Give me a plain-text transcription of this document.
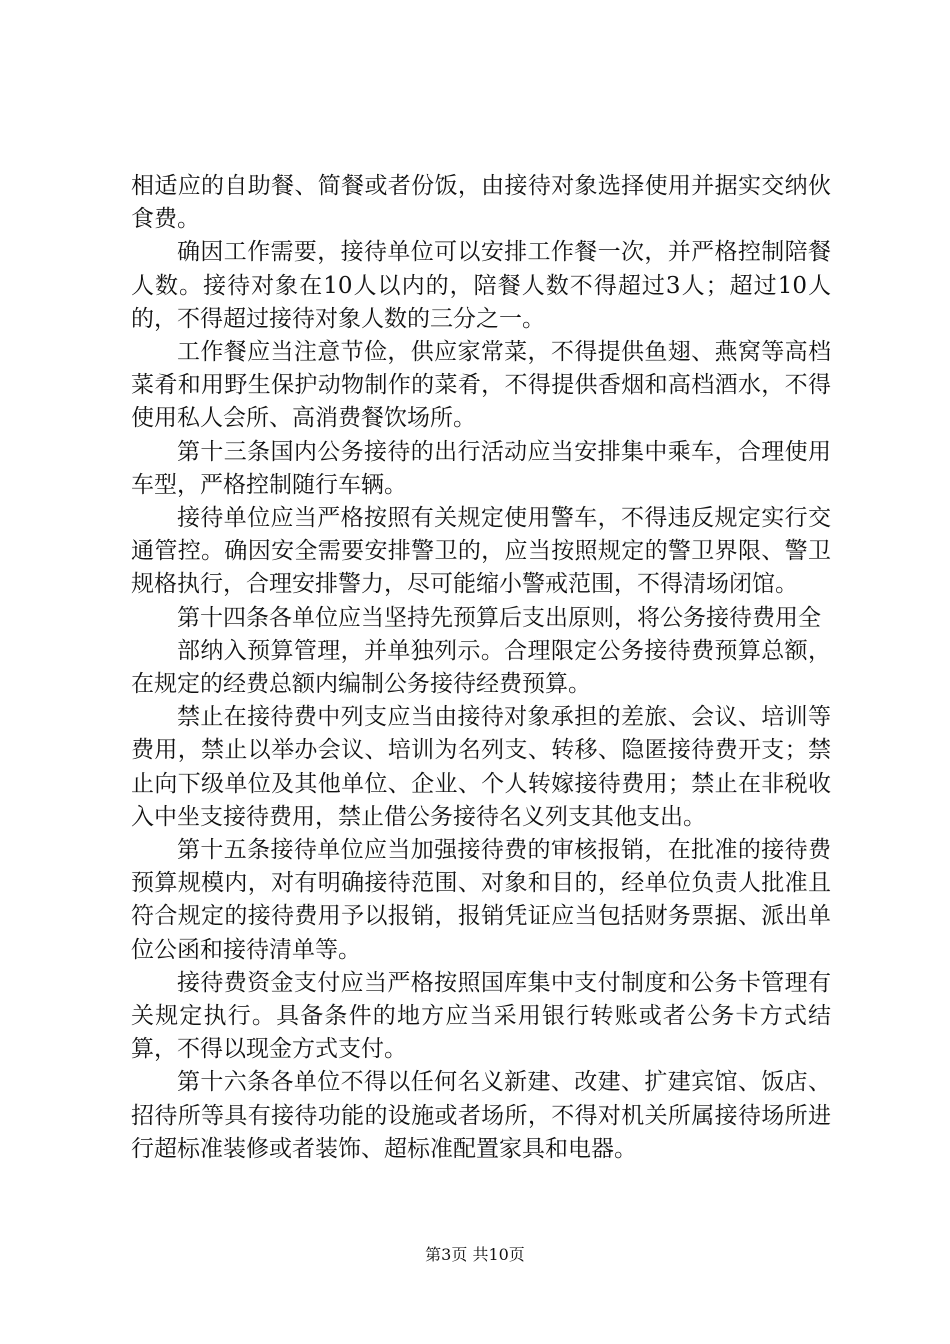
相适应的自助餐、简餐或者份饭，由接待对象选择使用并据实交纳伙食费。

确因工作需要，接待单位可以安排工作餐一次，并严格控制陪餐人数。接待对象在10人以内的，陪餐人数不得超过3人；超过10人的，不得超过接待对象人数的三分之一。

工作餐应当注意节俭，供应家常菜，不得提供鱼翅、燕窝等高档菜肴和用野生保护动物制作的菜肴，不得提供香烟和高档酒水，不得使用私人会所、高消费餐饮场所。

第十三条国内公务接待的出行活动应当安排集中乘车，合理使用车型，严格控制随行车辆。

接待单位应当严格按照有关规定使用警车，不得违反规定实行交通管控。确因安全需要安排警卫的，应当按照规定的警卫界限、警卫规格执行，合理安排警力，尽可能缩小警戒范围，不得清场闭馆。

第十四条各单位应当坚持先预算后支出原则，将公务接待费用全

部纳入预算管理，并单独列示。合理限定公务接待费预算总额，在规定的经费总额内编制公务接待经费预算。

禁止在接待费中列支应当由接待对象承担的差旅、会议、培训等费用，禁止以举办会议、培训为名列支、转移、隐匿接待费开支；禁止向下级单位及其他单位、企业、个人转嫁接待费用；禁止在非税收入中坐支接待费用，禁止借公务接待名义列支其他支出。

第十五条接待单位应当加强接待费的审核报销，在批准的接待费预算规模内，对有明确接待范围、对象和目的，经单位负责人批准且符合规定的接待费用予以报销，报销凭证应当包括财务票据、派出单位公函和接待清单等。

接待费资金支付应当严格按照国库集中支付制度和公务卡管理有关规定执行。具备条件的地方应当采用银行转账或者公务卡方式结算，不得以现金方式支付。

第十六条各单位不得以任何名义新建、改建、扩建宾馆、饭店、招待所等具有接待功能的设施或者场所，不得对机关所属接待场所进行超标准装修或者装饰、超标准配置家具和电器。

第3页 共10页
